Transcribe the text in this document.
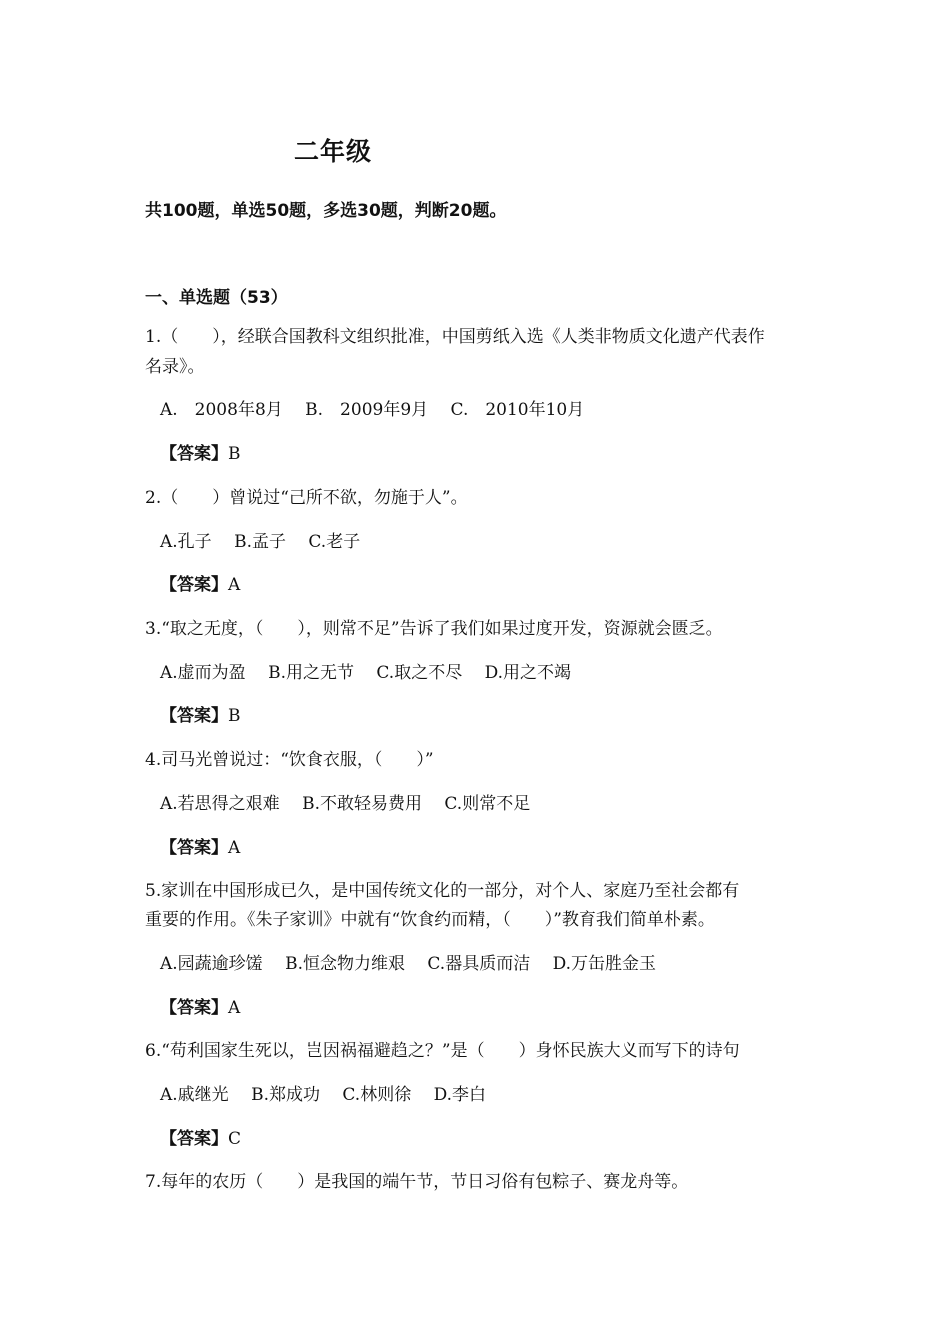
二年级
共100题，单选50题，多选30题，判断20题。
一、单选题（53）
1.（　　），经联合国教科文组织批准，中国剪纸入选《人类非物质文化遗产代表作
名录》。
A.　2008年8月　 B.　2009年9月　 C.　2010年10月
【答案】B
2.（　　）曾说过“己所不欲，勿施于人”。
A.孔子　 B.孟子　 C.老子
【答案】A
3.“取之无度，（　　），则常不足”告诉了我们如果过度开发，资源就会匮乏。
A.虚而为盈　 B.用之无节　 C.取之不尽　 D.用之不竭
【答案】B
4.司马光曾说过：“饮食衣服，（　　）”
A.若思得之艰难　 B.不敢轻易费用　 C.则常不足
【答案】A
5.家训在中国形成已久，是中国传统文化的一部分，对个人、家庭乃至社会都有
重要的作用。《朱子家训》中就有“饮食约而精，（　　）”教育我们简单朴素。
A.园蔬逾珍馐　 B.恒念物力维艰　 C.器具质而洁　 D.万缶胜金玉
【答案】A
6.“苟利国家生死以，岂因祸福避趋之？”是（　　）身怀民族大义而写下的诗句
A.戚继光　 B.郑成功　 C.林则徐　 D.李白
【答案】C
7.每年的农历（　　）是我国的端午节，节日习俗有包粽子、赛龙舟等。
